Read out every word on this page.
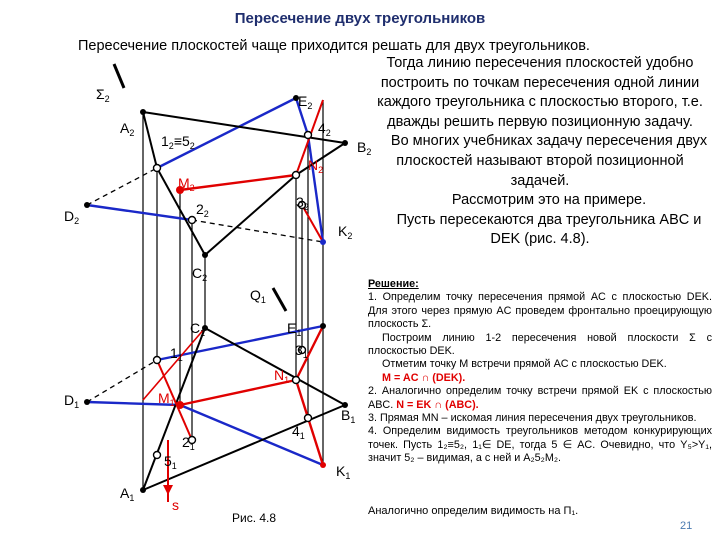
Пересечение двух треугольников
Пересечение плоскостей чаще приходится решать для двух треугольников.

Тогда линию пересечения плоскостей удобно построить по точкам пересечения одной линии каждого треугольника с плоскостью второго, т.е. дважды решить первую позиционную задачу.

Во многих учебниках задачу пересечения двух плоскостей называют второй позиционной задачей.

Рассмотрим это на примере.

Пусть пересекаются два треугольника ABC и DEK (рис. 4.8).

Решение:

1. Определим точку пересечения прямой AC с плоскостью DEK. Для этого через прямую AC проведем фронтально проецирующую плоскость Σ.

Построим линию 1-2 пересечения новой плоскости Σ с плоскостью DEK.

Отметим точку M встречи прямой AC с плоскостью DEK.

M = AC ∩ (DEK).

2. Аналогично определим точку встречи прямой EK с плоскостью ABC. N = EK ∩ (ABC).

3. Прямая MN – искомая линия пересечения двух треугольников.

4. Определим видимость треугольников методом конкурирующих точек. Пусть 1₂≡5₂, 1₁∈ DE, тогда 5 ∈ AC. Очевидно, что Y₅>Y₁, значит 5₂ – видимая, а с ней и A₂5₂M₂.

Аналогично определим видимость на П₁.
Рис. 4.8
21
$\Sigma_2$
$A_2$
$E_2$
$1_2\equiv 5_2$
$4_2$
$B_2$
$N_2$
$M_2$
$3_2$
$2_2$
$D_2$
$K_2$
$C_2$
$Q_1$
$C_1$	$E_1$
$1_1$	$3_1$
$N_1$
$D_1$	$M_1$
$B_1$
$4_1$
$2_1$
$5_1$	$K_1$
$A_1$	s
